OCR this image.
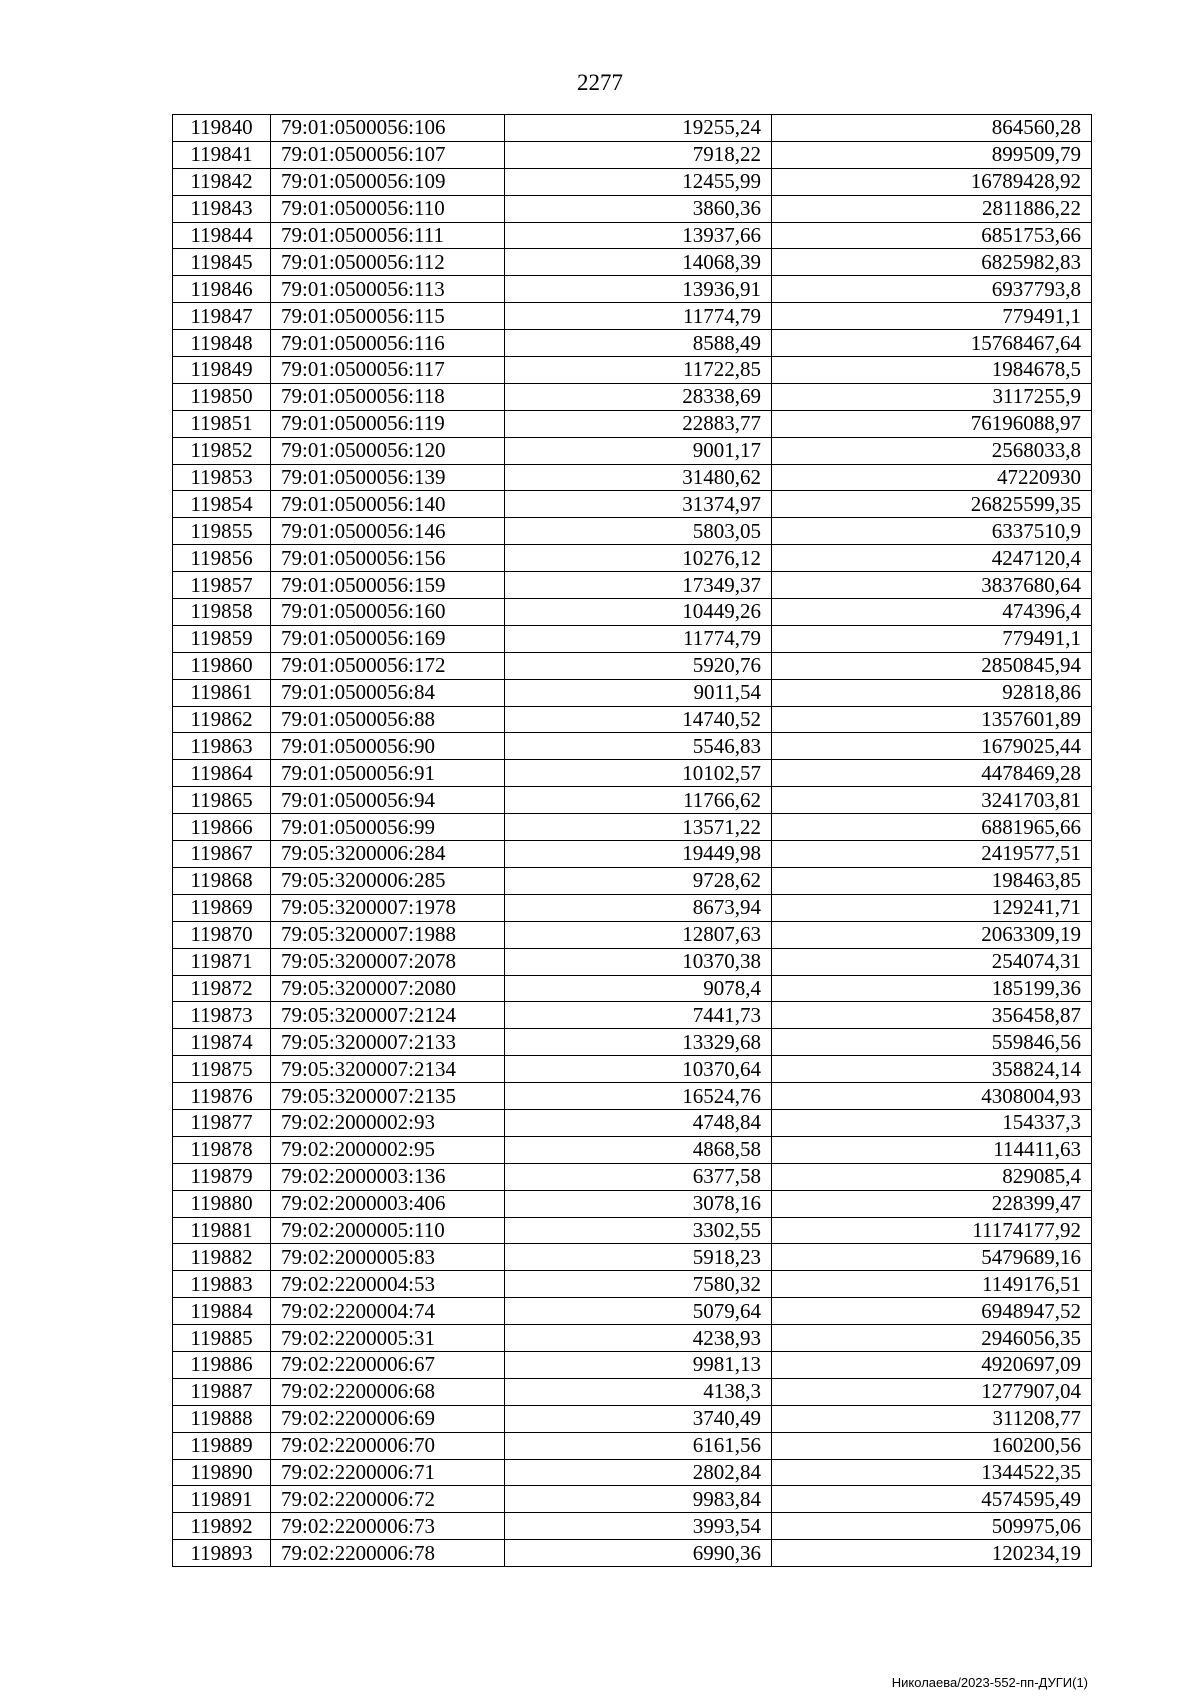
2277
119840	79:01:0500056:106	19255,24	864560,28
119841	79:01:0500056:107	7918,22	899509,79
119842	79:01:0500056:109	12455,99	16789428,92
119843	79:01:0500056:110	3860,36	2811886,22
119844	79:01:0500056:111	13937,66	6851753,66
119845	79:01:0500056:112	14068,39	6825982,83
119846	79:01:0500056:113	13936,91	6937793,8
119847	79:01:0500056:115	11774,79	779491,1
119848	79:01:0500056:116	8588,49	15768467,64
119849	79:01:0500056:117	11722,85	1984678,5
119850	79:01:0500056:118	28338,69	3117255,9
119851	79:01:0500056:119	22883,77	76196088,97
119852	79:01:0500056:120	9001,17	2568033,8
119853	79:01:0500056:139	31480,62	47220930
119854	79:01:0500056:140	31374,97	26825599,35
119855	79:01:0500056:146	5803,05	6337510,9
119856	79:01:0500056:156	10276,12	4247120,4
119857	79:01:0500056:159	17349,37	3837680,64
119858	79:01:0500056:160	10449,26	474396,4
119859	79:01:0500056:169	11774,79	779491,1
119860	79:01:0500056:172	5920,76	2850845,94
119861	79:01:0500056:84	9011,54	92818,86
119862	79:01:0500056:88	14740,52	1357601,89
119863	79:01:0500056:90	5546,83	1679025,44
119864	79:01:0500056:91	10102,57	4478469,28
119865	79:01:0500056:94	11766,62	3241703,81
119866	79:01:0500056:99	13571,22	6881965,66
119867	79:05:3200006:284	19449,98	2419577,51
119868	79:05:3200006:285	9728,62	198463,85
119869	79:05:3200007:1978	8673,94	129241,71
119870	79:05:3200007:1988	12807,63	2063309,19
119871	79:05:3200007:2078	10370,38	254074,31
119872	79:05:3200007:2080	9078,4	185199,36
119873	79:05:3200007:2124	7441,73	356458,87
119874	79:05:3200007:2133	13329,68	559846,56
119875	79:05:3200007:2134	10370,64	358824,14
119876	79:05:3200007:2135	16524,76	4308004,93
119877	79:02:2000002:93	4748,84	154337,3
119878	79:02:2000002:95	4868,58	114411,63
119879	79:02:2000003:136	6377,58	829085,4
119880	79:02:2000003:406	3078,16	228399,47
119881	79:02:2000005:110	3302,55	11174177,92
119882	79:02:2000005:83	5918,23	5479689,16
119883	79:02:2200004:53	7580,32	1149176,51
119884	79:02:2200004:74	5079,64	6948947,52
119885	79:02:2200005:31	4238,93	2946056,35
119886	79:02:2200006:67	9981,13	4920697,09
119887	79:02:2200006:68	4138,3	1277907,04
119888	79:02:2200006:69	3740,49	311208,77
119889	79:02:2200006:70	6161,56	160200,56
119890	79:02:2200006:71	2802,84	1344522,35
119891	79:02:2200006:72	9983,84	4574595,49
119892	79:02:2200006:73	3993,54	509975,06
119893	79:02:2200006:78	6990,36	120234,19
Николаева/2023-552-пп-ДУГИ(1)
